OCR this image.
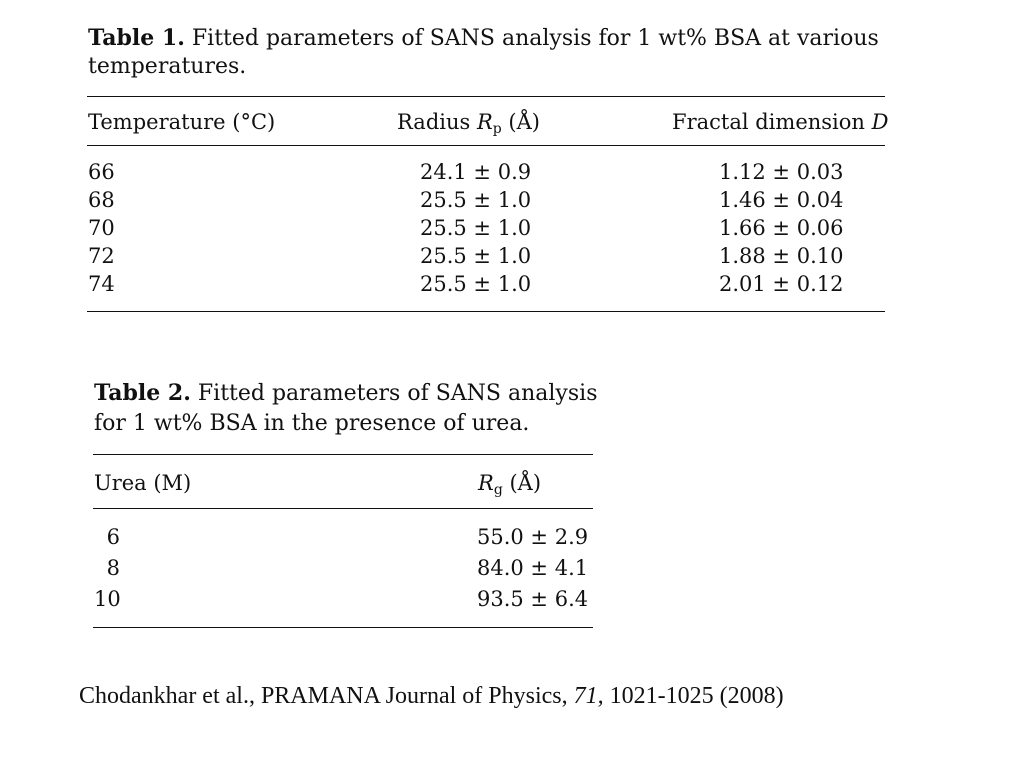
Table 1. Fitted parameters of SANS analysis for 1 wt% BSA at various
temperatures.
Temperature (°C)	Radius $R_p$ (Å)	Fractal dimension D
66	24.1 ± 0.9	1.12 ± 0.03
68	25.5 ± 1.0	1.46 ± 0.04
70	25.5 ± 1.0	1.66 ± 0.06
72	25.5 ± 1.0	1.88 ± 0.10
74	25.5 ± 1.0	2.01 ± 0.12
Table 2. Fitted parameters of SANS analysis
for 1 wt% BSA in the presence of urea.
Urea (M)	$R_g$ (Å)
6	55.0 ± 2.9
8	84.0 ± 4.1
10	93.5 ± 6.4
Chodankhar et al., PRAMANA Journal of Physics, 71, 1021-1025 (2008)
